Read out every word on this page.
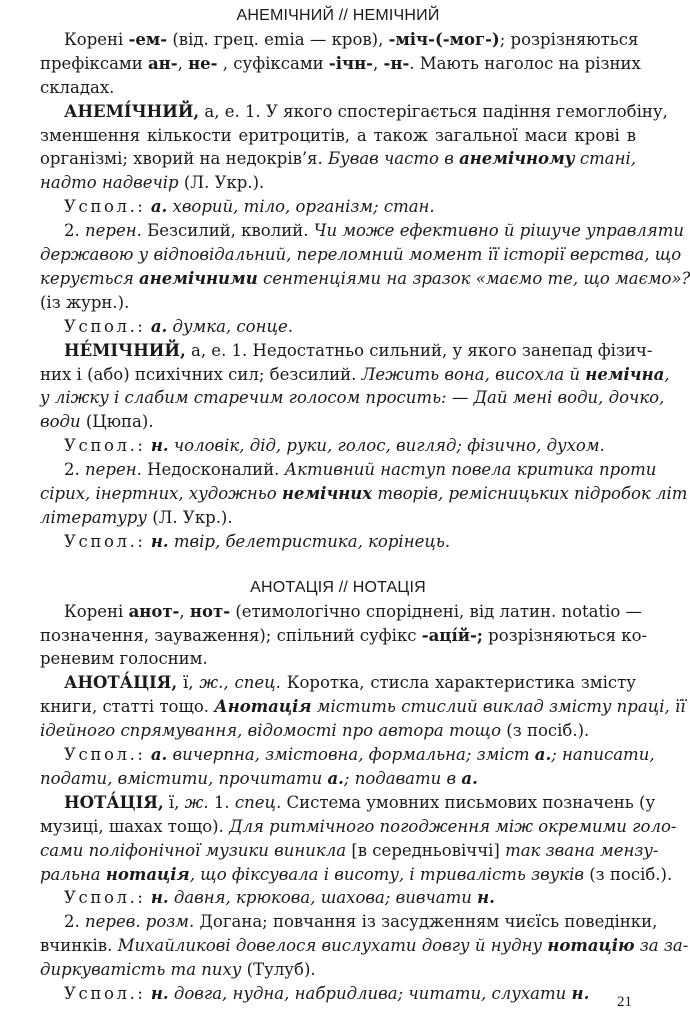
АНЕМІЧНИЙ // НЕМІЧНИЙ
Корені -ем- (від. грец. emia — кров), -міч-(-мог-); розрізняються
префіксами ан-, не- , суфіксами -ічн-, -н-. Мають наголос на різних
складах.
АНЕМІ́ЧНИЙ, а, е. 1. У якого спостерігається падіння гемоглобіну,
зменшення кількости еритроцитів, а також загальної маси крові в
організмі; хворий на недокрів’я. Бував часто в анемічному стані,
надто надвечір (Л. Укр.).
Успол.: а. хворий, тіло, організм; стан.
2. перен. Безсилий, кволий. Чи може ефективно й рішуче управляти
державою у відповідальний, переломний момент її історії верства, що
керується анемічними сентенціями на зразок «маємо те, що маємо»?
(із журн.).
Успол.: а. думка, сонце.
НЕ́МІЧНИЙ, а, е. 1. Недостатньо сильний, у якого занепад фізич-
них і (або) психічних сил; безсилий. Лежить вона, висохла й немічна,
у ліжку і слабим старечим голосом просить: — Дай мені води, дочко,
води (Цюпа).
Успол.: н. чоловік, дід, руки, голос, вигляд; фізично, духом.
2. перен. Недосконалий. Активний наступ повела критика проти
сірих, інертних, художньо немічних творів, ремісницьких підробок літ
літературу (Л. Укр.).
Успол.: н. твір, белетристика, корінець.
АНОТАЦІЯ // НОТАЦІЯ
Корені анот-, нот- (етимологічно споріднені, від латин. notatio —
позначення, зауваження); спільний суфікс -аці́й-; розрізняються ко-
реневим голосним.
АНОТА́ЦІЯ, ї, ж., спец. Коротка, стисла характеристика змісту
книги, статті тощо. Анотація містить стислий виклад змісту праці, її
ідейного спрямування, відомості про автора тощо (з посіб.).
Успол.: а. вичерпна, змістовна, формальна; зміст а.; написати,
подати, вмістити, прочитати а.; подавати в а.
НОТА́ЦІЯ, ї, ж. 1. спец. Система умовних письмових позначень (у
музиці, шахах тощо). Для ритмічного погодження між окремими голо-
сами поліфонічної музики виникла [в середньовіччі] так звана мензу-
ральна нотація, що фіксувала і висоту, і тривалість звуків (з посіб.).
Успол.: н. давня, крюкова, шахова; вивчати н.
2. перев. розм. Догана; повчання із засудженням чиєїсь поведінки,
вчинків. Михайликові довелося вислухати довгу й нудну нотацію за за-
диркуватість та пиху (Тулуб).
Успол.: н. довга, нудна, набридлива; читати, слухати н.	21
